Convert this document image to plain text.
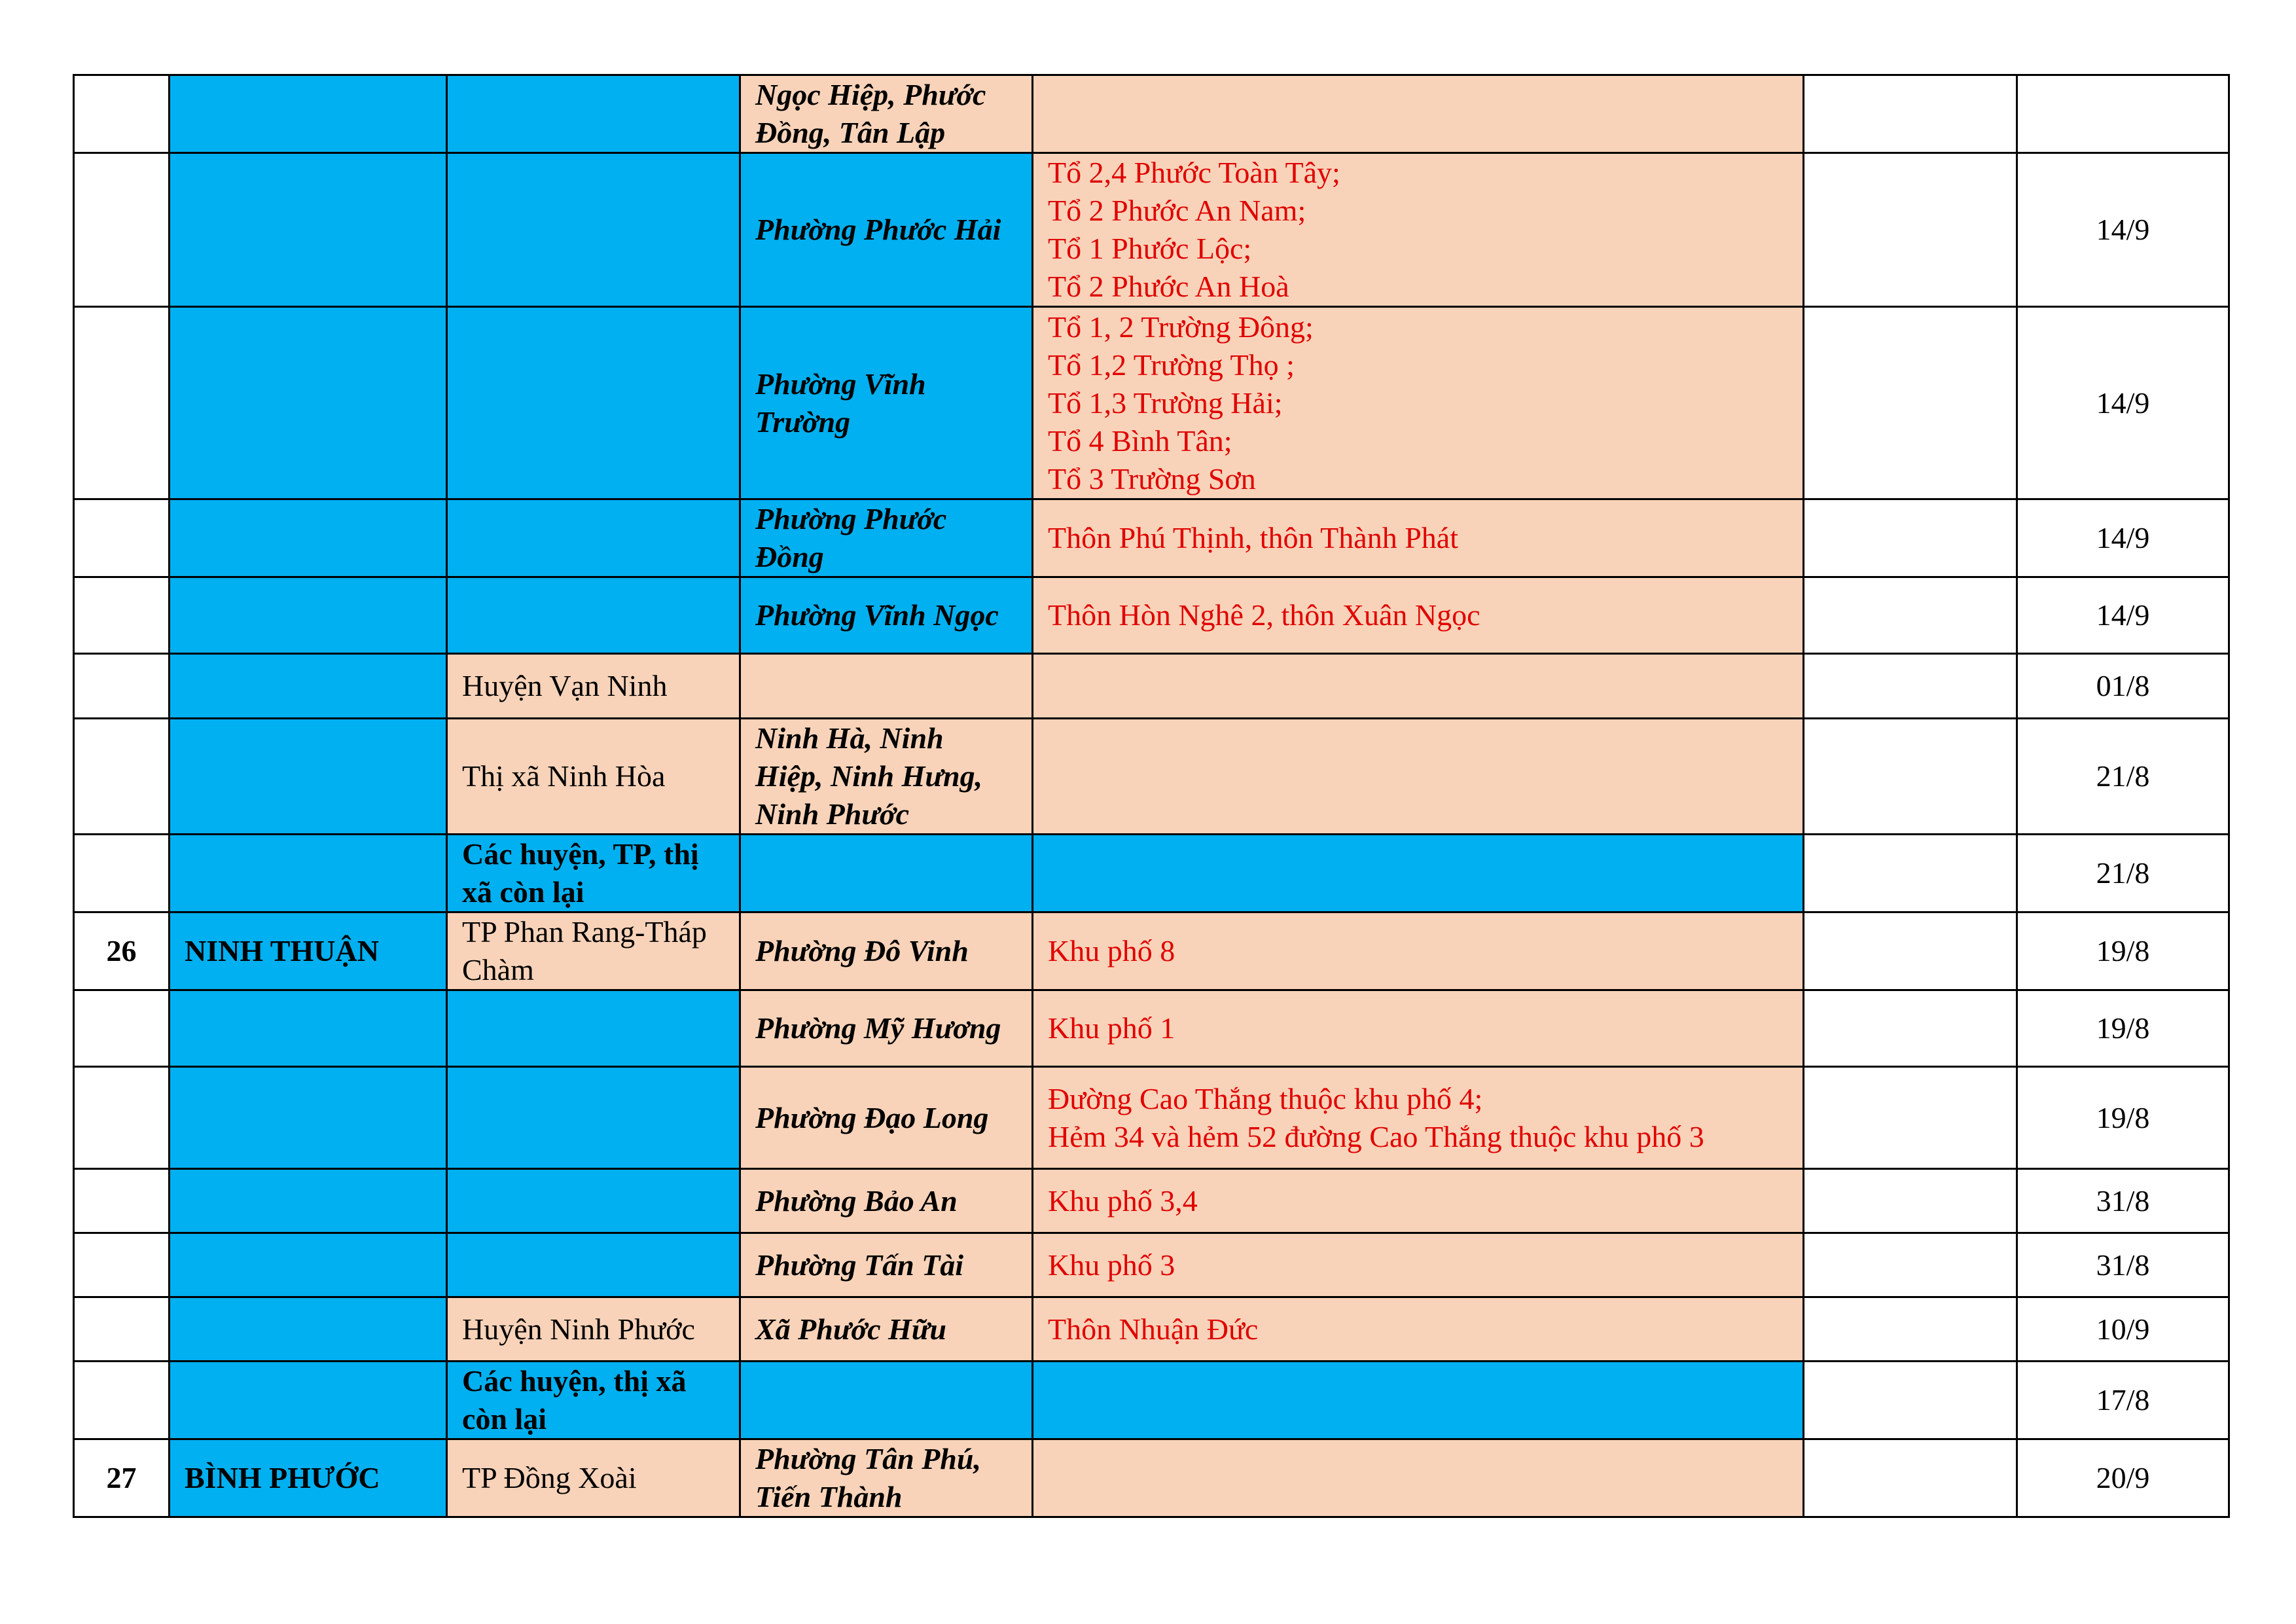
			Ngọc Hiệp, Phước Đồng, Tân Lập			
			Phường Phước Hải	Tổ 2,4 Phước Toàn Tây;
Tổ 2 Phước An Nam;
Tổ 1 Phước Lộc;
Tổ 2 Phước An Hoà		14/9
			Phường Vĩnh Trường	Tổ 1, 2 Trường Đông;
Tổ 1,2 Trường Thọ ;
Tổ 1,3 Trường Hải;
Tổ 4 Bình Tân;
Tổ 3 Trường Sơn		14/9
			Phường Phước Đồng	Thôn Phú Thịnh, thôn Thành Phát		14/9
			Phường Vĩnh Ngọc	Thôn Hòn Nghê 2, thôn Xuân Ngọc		14/9
		Huyện Vạn Ninh				01/8
		Thị xã Ninh Hòa	Ninh Hà, Ninh Hiệp, Ninh Hưng, Ninh Phước			21/8
		Các huyện, TP, thị xã còn lại				21/8
26	NINH THUẬN	TP Phan Rang-Tháp Chàm	Phường Đô Vinh	Khu phố 8		19/8
			Phường Mỹ Hương	Khu phố 1		19/8
			Phường Đạo Long	Đường Cao Thắng thuộc khu phố 4;
Hẻm 34 và hẻm 52 đường Cao Thắng thuộc khu phố 3		19/8
			Phường Bảo An	Khu phố 3,4		31/8
			Phường Tấn Tài	Khu phố 3		31/8
		Huyện Ninh Phước	Xã Phước Hữu	Thôn Nhuận Đức		10/9
		Các huyện, thị xã còn lại				17/8
27	BÌNH PHƯỚC	TP Đồng Xoài	Phường Tân Phú, Tiến Thành			20/9
